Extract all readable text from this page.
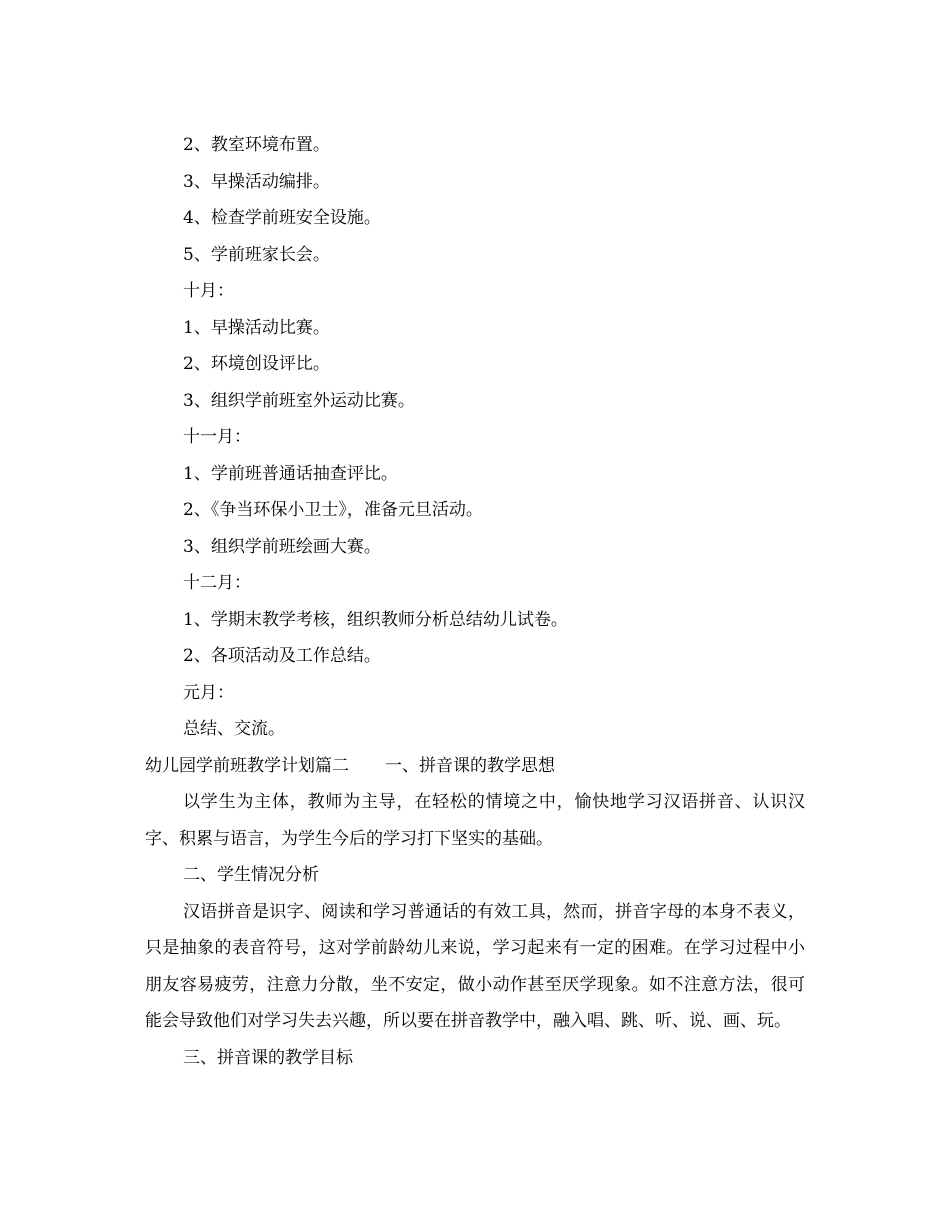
2、教室环境布置。

3、早操活动编排。

4、检查学前班安全设施。

5、学前班家长会。

十月：

1、早操活动比赛。

2、环境创设评比。

3、组织学前班室外运动比赛。

十一月：

1、学前班普通话抽查评比。

2、《争当环保小卫士》，准备元旦活动。

3、组织学前班绘画大赛。

十二月：

1、学期末教学考核，组织教师分析总结幼儿试卷。

2、各项活动及工作总结。

元月：

总结、交流。

幼儿园学前班教学计划篇二 一、拼音课的教学思想

以学生为主体，教师为主导，在轻松的情境之中，愉快地学习汉语拼音、认识汉字、积累与语言，为学生今后的学习打下坚实的基础。

二、学生情况分析

汉语拼音是识字、阅读和学习普通话的有效工具，然而，拼音字母的本身不表义，只是抽象的表音符号，这对学前龄幼儿来说，学习起来有一定的困难。在学习过程中小朋友容易疲劳，注意力分散，坐不安定，做小动作甚至厌学现象。如不注意方法，很可能会导致他们对学习失去兴趣，所以要在拼音教学中，融入唱、跳、听、说、画、玩。

三、拼音课的教学目标
